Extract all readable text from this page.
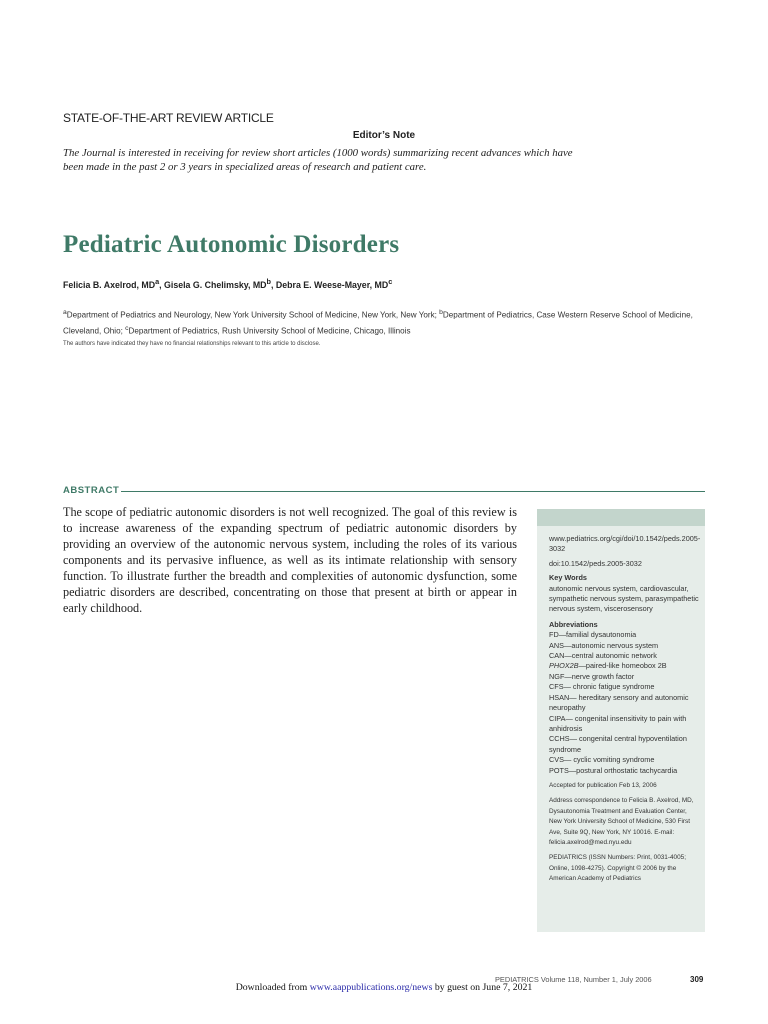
STATE-OF-THE-ART REVIEW ARTICLE
Editor’s Note
The Journal is interested in receiving for review short articles (1000 words) summarizing recent advances which have been made in the past 2 or 3 years in specialized areas of research and patient care.
Pediatric Autonomic Disorders
Felicia B. Axelrod, $MD^a$, Gisela G. Chelimsky, $MD^b$, Debra E. Weese-Mayer, $MD^c$
$^a$Department of Pediatrics and Neurology, New York University School of Medicine, New York, New York; $^b$Department of Pediatrics, Case Western Reserve School of Medicine, Cleveland, Ohio; $^c$Department of Pediatrics, Rush University School of Medicine, Chicago, Illinois
The authors have indicated they have no financial relationships relevant to this article to disclose.
ABSTRACT
The scope of pediatric autonomic disorders is not well recognized. The goal of this review is to increase awareness of the expanding spectrum of pediatric autonomic disorders by providing an overview of the autonomic nervous system, including the roles of its various components and its pervasive influence, as well as its intimate relationship with sensory function. To illustrate further the breadth and complexities of autonomic dysfunction, some pediatric disorders are described, concentrating on those that present at birth or appear in early childhood.
www.pediatrics.org/cgi/doi/10.1542/peds.2005-3032
doi:10.1542/peds.2005-3032
Key Words
autonomic nervous system, cardiovascular, sympathetic nervous system, parasympathetic nervous system, viscerosensory
Abbreviations
FD—familial dysautonomia
ANS—autonomic nervous system
CAN—central autonomic network
PHOX2B—paired-like homeobox 2B
NGF—nerve growth factor
CFS— chronic fatigue syndrome
HSAN— hereditary sensory and autonomic neuropathy
CIPA— congenital insensitivity to pain with anhidrosis
CCHS— congenital central hypoventilation syndrome
CVS— cyclic vomiting syndrome
POTS—postural orthostatic tachycardia
Accepted for publication Feb 13, 2006
Address correspondence to Felicia B. Axelrod, MD, Dysautonomia Treatment and Evaluation Center, New York University School of Medicine, 530 First Ave, Suite 9Q, New York, NY 10016. E-mail: felicia.axelrod@med.nyu.edu
PEDIATRICS (ISSN Numbers: Print, 0031-4005; Online, 1098-4275). Copyright © 2006 by the American Academy of Pediatrics
PEDIATRICS Volume 118, Number 1, July 2006	309
Downloaded from www.aappublications.org/news by guest on June 7, 2021
